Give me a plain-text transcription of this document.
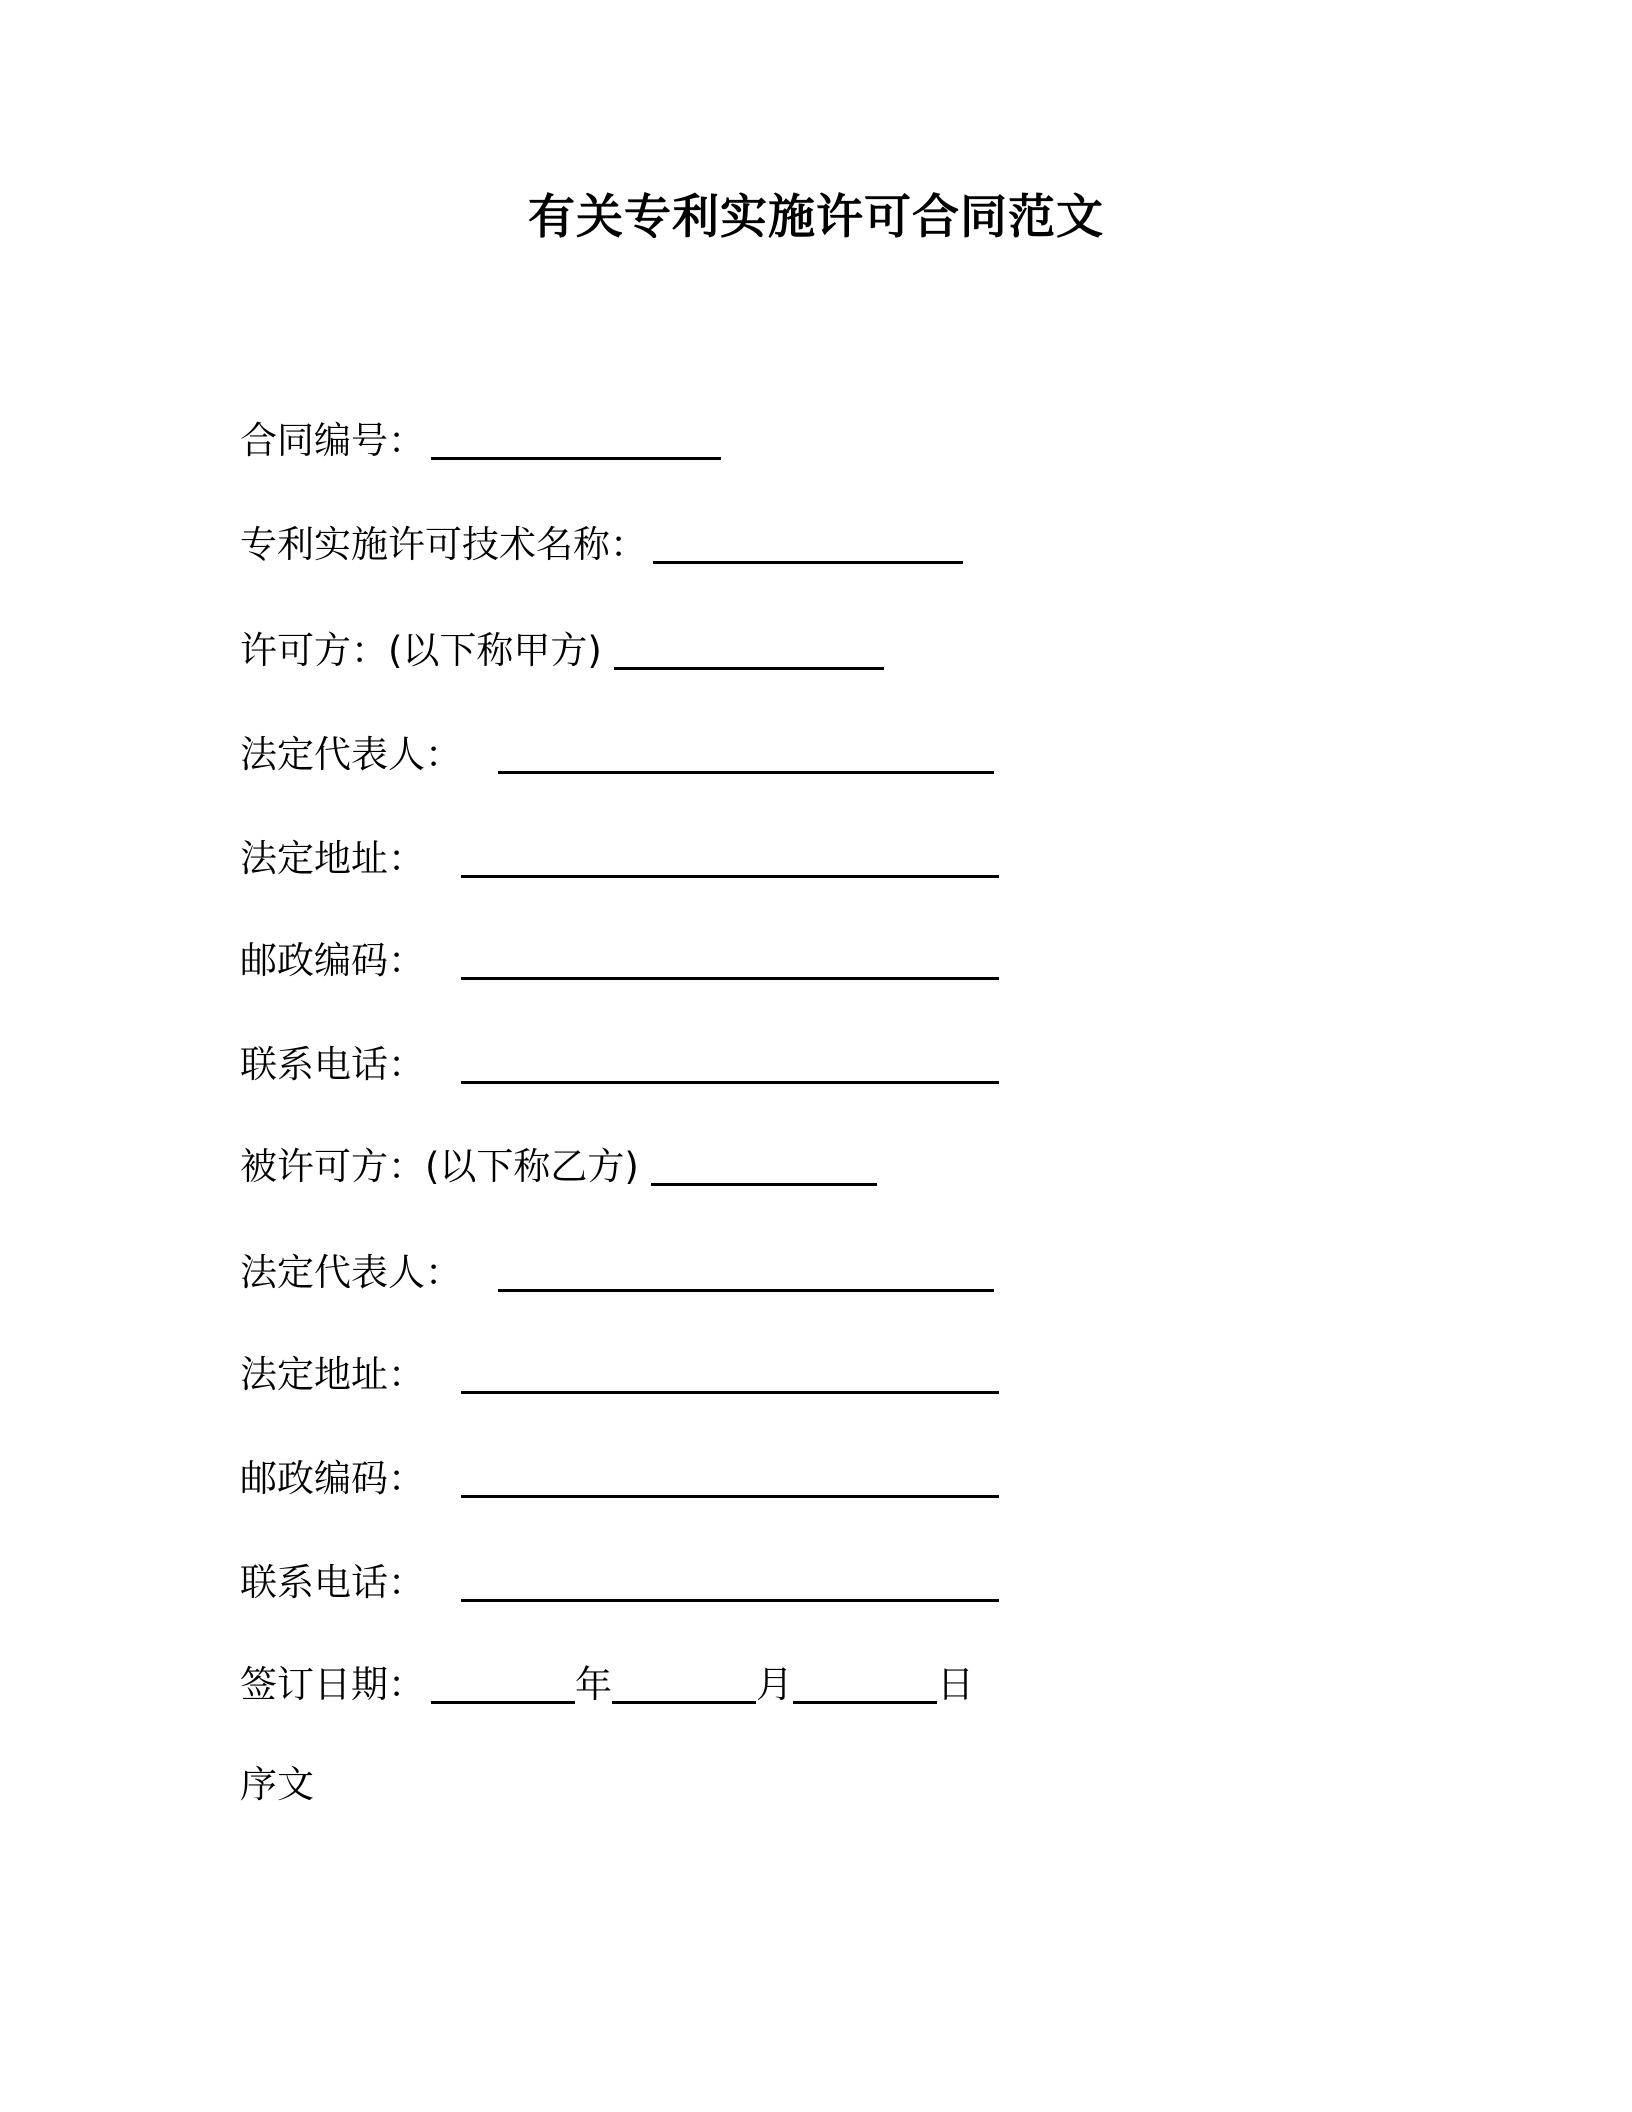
有关专利实施许可合同范文
合同编号：
专利实施许可技术名称：
许可方：(以下称甲方)
法定代表人：
法定地址：
邮政编码：
联系电话：
被许可方：(以下称乙方)
法定代表人：
法定地址：
邮政编码：
联系电话：
签订日期：	年	月	日
序文
